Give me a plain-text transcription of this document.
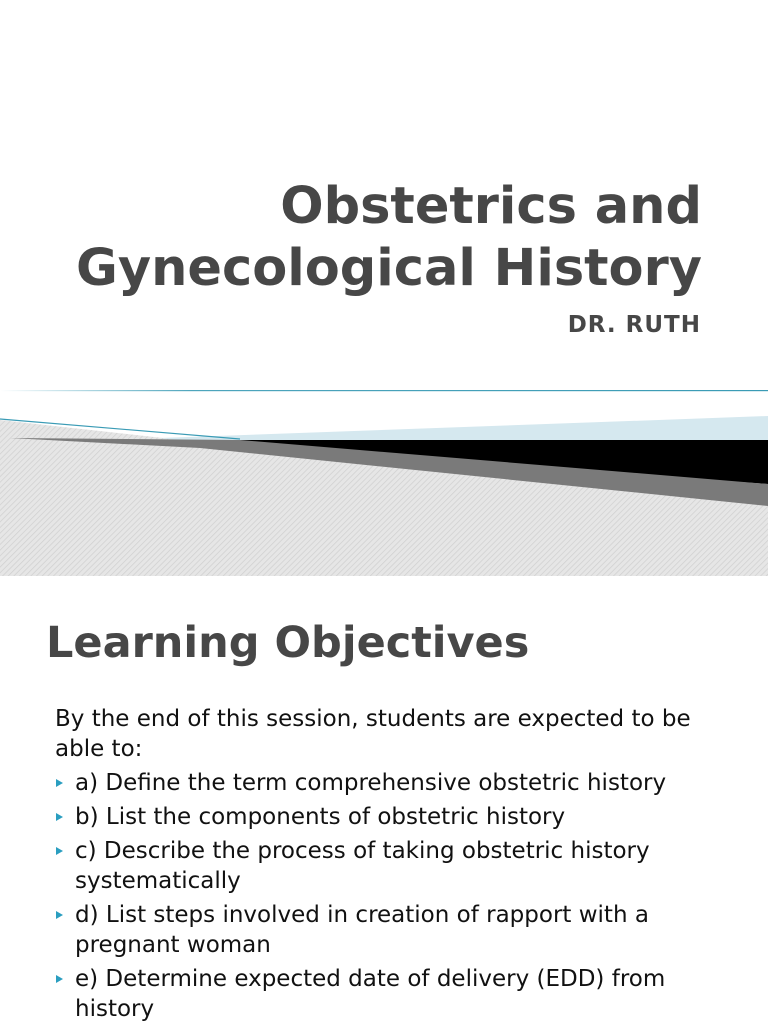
Obstetrics and
Gynecological History
DR. RUTH
Learning Objectives

By the end of this session, students are expected to be able to:

a) Define the term comprehensive obstetric history
b) List the components of obstetric history
c) Describe the process of taking obstetric history systematically
d) List steps involved in creation of rapport with a pregnant woman
e) Determine expected date of delivery (EDD) from history
